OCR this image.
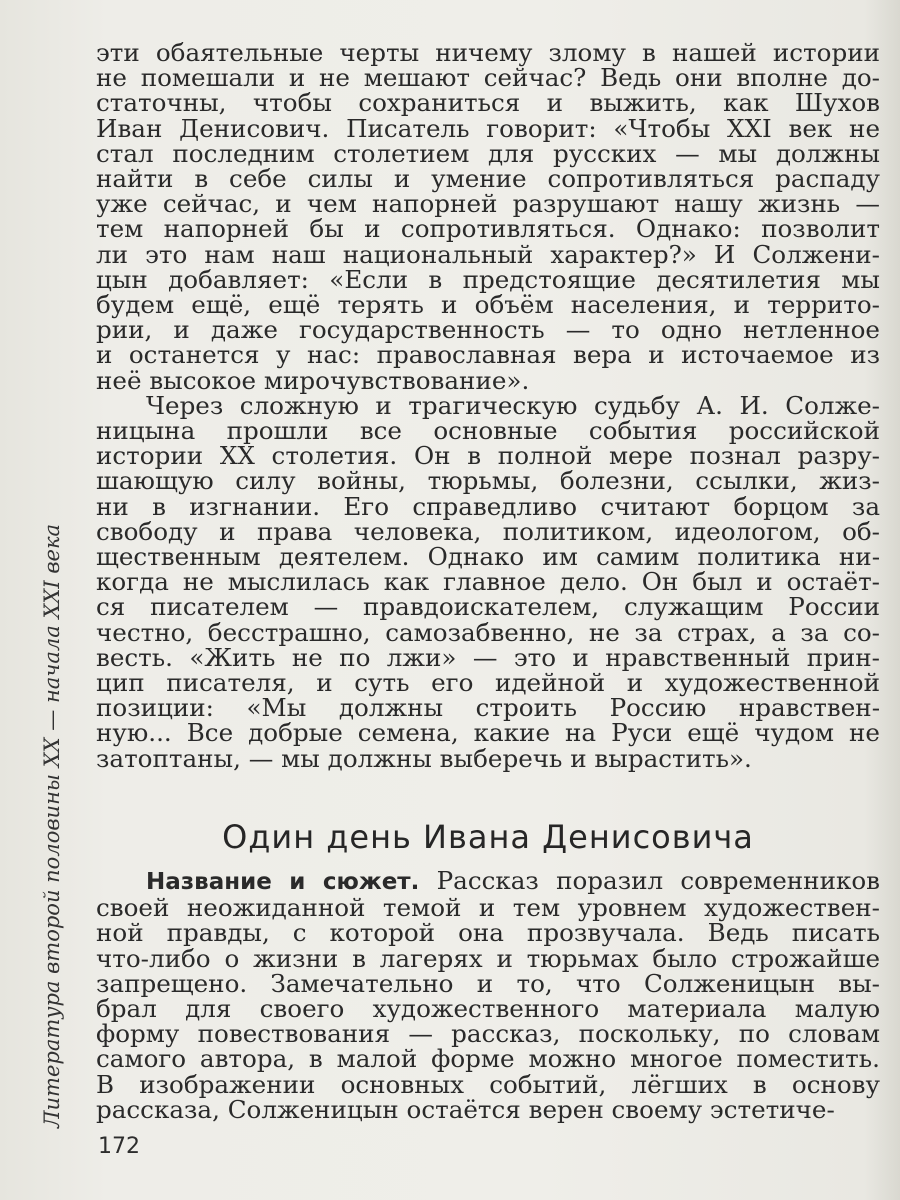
эти обаятельные черты ничему злому в нашей истории
не помешали и не мешают сейчас? Ведь они вполне до-
статочны, чтобы сохраниться и выжить, как Шухов
Иван Денисович. Писатель говорит: «Чтобы XXI век не
стал последним столетием для русских — мы должны
найти в себе силы и умение сопротивляться распаду
уже сейчас, и чем напорней разрушают нашу жизнь —
тем напорней бы и сопротивляться. Однако: позволит
ли это нам наш национальный характер?» И Солжени-
цын добавляет: «Если в предстоящие десятилетия мы
будем ещё, ещё терять и объём населения, и террито-
рии, и даже государственность — то одно нетленное
и останется у нас: православная вера и источаемое из
неё высокое мирочувствование».

Через сложную и трагическую судьбу А. И. Солже-
ницына прошли все основные события российской
истории XX столетия. Он в полной мере познал разру-
шающую силу войны, тюрьмы, болезни, ссылки, жиз-
ни в изгнании. Его справедливо считают борцом за
свободу и права человека, политиком, идеологом, об-
щественным деятелем. Однако им самим политика ни-
когда не мыслилась как главное дело. Он был и остаёт-
ся писателем — правдоискателем, служащим России
честно, бесстрашно, самозабвенно, не за страх, а за со-
весть. «Жить не по лжи» — это и нравственный прин-
цип писателя, и суть его идейной и художественной
позиции: «Мы должны строить Россию нравствен-
ную... Все добрые семена, какие на Руси ещё чудом не
затоптаны, — мы должны выберечь и вырастить».

Один день Ивана Денисовича

Название и сюжет. Рассказ поразил современников
своей неожиданной темой и тем уровнем художествен-
ной правды, с которой она прозвучала. Ведь писать
что-либо о жизни в лагерях и тюрьмах было строжайше
запрещено. Замечательно и то, что Солженицын вы-
брал для своего художественного материала малую
форму повествования — рассказ, поскольку, по словам
самого автора, в малой форме можно многое поместить.
В изображении основных событий, лёгших в основу
рассказа, Солженицын остаётся верен своему эстетиче-

Литература второй половины XX — начала XXI века
172
